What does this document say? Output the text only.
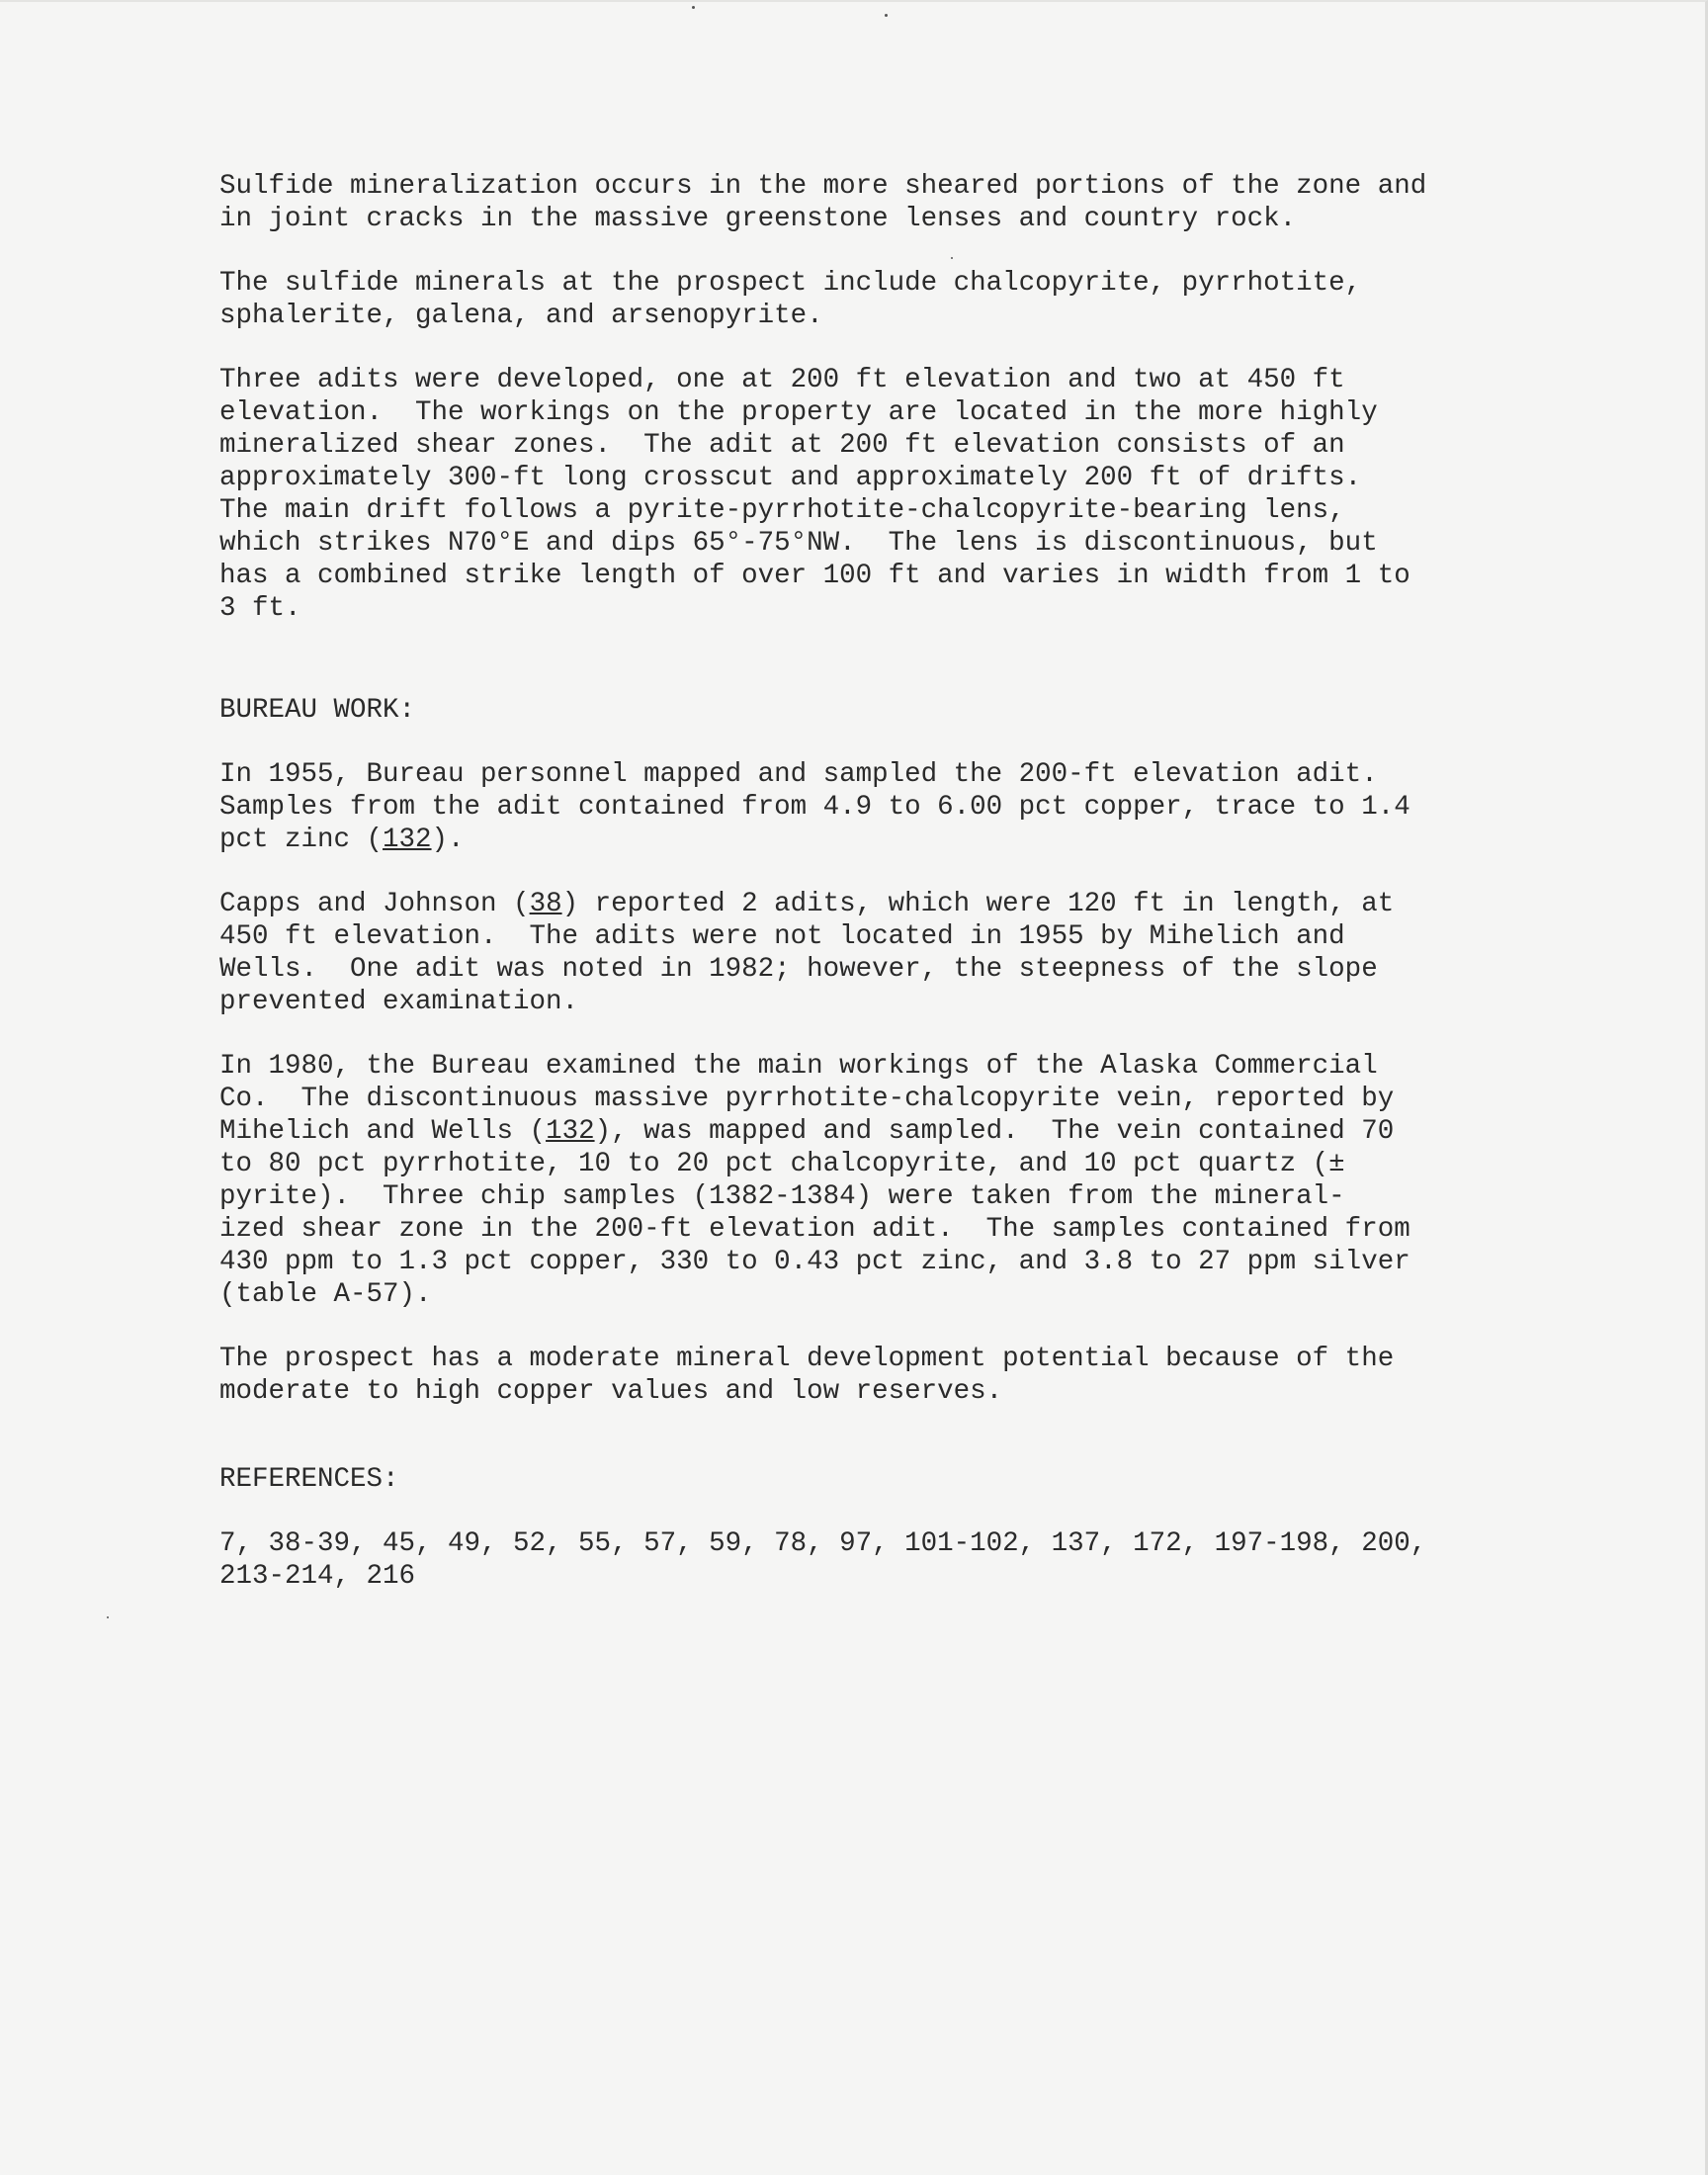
Sulfide mineralization occurs in the more sheared portions of the zone and
in joint cracks in the massive greenstone lenses and country rock.
The sulfide minerals at the prospect include chalcopyrite, pyrrhotite,
sphalerite, galena, and arsenopyrite.
Three adits were developed, one at 200 ft elevation and two at 450 ft
elevation.  The workings on the property are located in the more highly
mineralized shear zones.  The adit at 200 ft elevation consists of an
approximately 300-ft long crosscut and approximately 200 ft of drifts.
The main drift follows a pyrite-pyrrhotite-chalcopyrite-bearing lens,
which strikes N70°E and dips 65°-75°NW.  The lens is discontinuous, but
has a combined strike length of over 100 ft and varies in width from 1 to
3 ft.
BUREAU WORK:
In 1955, Bureau personnel mapped and sampled the 200-ft elevation adit.
Samples from the adit contained from 4.9 to 6.00 pct copper, trace to 1.4
pct zinc (132).
Capps and Johnson (38) reported 2 adits, which were 120 ft in length, at
450 ft elevation.  The adits were not located in 1955 by Mihelich and
Wells.  One adit was noted in 1982; however, the steepness of the slope
prevented examination.
In 1980, the Bureau examined the main workings of the Alaska Commercial
Co.  The discontinuous massive pyrrhotite-chalcopyrite vein, reported by
Mihelich and Wells (132), was mapped and sampled.  The vein contained 70
to 80 pct pyrrhotite, 10 to 20 pct chalcopyrite, and 10 pct quartz (±
pyrite).  Three chip samples (1382-1384) were taken from the mineral-
ized shear zone in the 200-ft elevation adit.  The samples contained from
430 ppm to 1.3 pct copper, 330 to 0.43 pct zinc, and 3.8 to 27 ppm silver
(table A-57).
The prospect has a moderate mineral development potential because of the
moderate to high copper values and low reserves.
REFERENCES:
7, 38-39, 45, 49, 52, 55, 57, 59, 78, 97, 101-102, 137, 172, 197-198, 200,
213-214, 216
